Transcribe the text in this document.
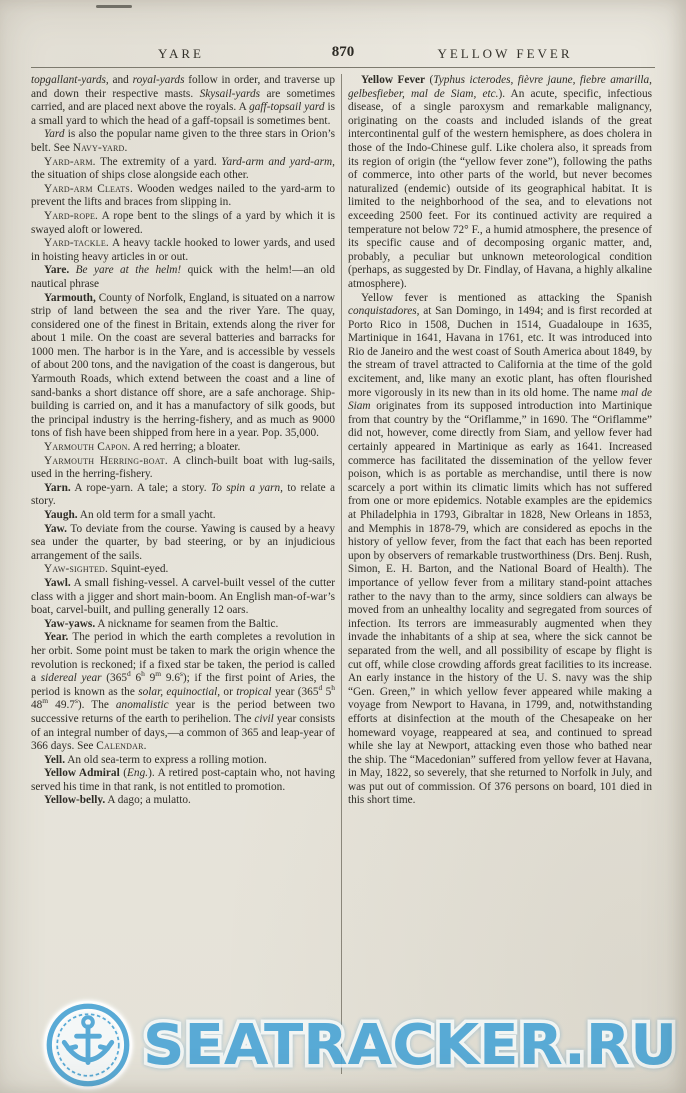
YARE	870	YELLOW FEVER

topgallant-yards, and royal-yards follow in order, and traverse up and down their respective masts. Skysail-yards are sometimes carried, and are placed next above the royals. A gaff-topsail yard is a small yard to which the head of a gaff-topsail is sometimes bent.

Yard is also the popular name given to the three stars in Orion’s belt. See Navy-yard.

Yard-arm. The extremity of a yard. Yard-arm and yard-arm, the situation of ships close alongside each other.

Yard-arm Cleats. Wooden wedges nailed to the yard-arm to prevent the lifts and braces from slipping in.

Yard-rope. A rope bent to the slings of a yard by which it is swayed aloft or lowered.

Yard-tackle. A heavy tackle hooked to lower yards, and used in hoisting heavy articles in or out.

Yare. Be yare at the helm! quick with the helm!—an old nautical phrase

Yarmouth, County of Norfolk, England, is situated on a narrow strip of land between the sea and the river Yare. The quay, considered one of the finest in Britain, extends along the river for about 1 mile. On the coast are several batteries and barracks for 1000 men. The harbor is in the Yare, and is accessible by vessels of about 200 tons, and the navigation of the coast is dangerous, but Yarmouth Roads, which extend between the coast and a line of sand-banks a short distance off shore, are a safe anchorage. Ship-building is carried on, and it has a manufactory of silk goods, but the principal industry is the herring-fishery, and as much as 9000 tons of fish have been shipped from here in a year. Pop. 35,000.

Yarmouth Capon. A red herring; a bloater.

Yarmouth Herring-boat. A clinch-built boat with lug-sails, used in the herring-fishery.

Yarn. A rope-yarn. A tale; a story. To spin a yarn, to relate a story.

Yaugh. An old term for a small yacht.

Yaw. To deviate from the course. Yawing is caused by a heavy sea under the quarter, by bad steering, or by an injudicious arrangement of the sails.

Yaw-sighted. Squint-eyed.

Yawl. A small fishing-vessel. A carvel-built vessel of the cutter class with a jigger and short main-boom. An English man-of-war’s boat, carvel-built, and pulling generally 12 oars.

Yaw-yaws. A nickname for seamen from the Baltic.

Year. The period in which the earth completes a revolution in her orbit. Some point must be taken to mark the origin whence the revolution is reckoned; if a fixed star be taken, the period is called a sidereal year (365$^d$ 6$^h$ 9$^m$ 9.6$^s$); if the first point of Aries, the period is known as the solar, equinoctial, or tropical year (365$^d$ 5$^h$ 48$^m$ 49.7$^s$). The anomalistic year is the period between two successive returns of the earth to perihelion. The civil year consists of an integral number of days,—a common of 365 and leap-year of 366 days. See Calendar.

Yell. An old sea-term to express a rolling motion.

Yellow Admiral (Eng.). A retired post-captain who, not having served his time in that rank, is not entitled to promotion.

Yellow-belly. A dago; a mulatto.

Yellow Fever (Typhus icterodes, fièvre jaune, fiebre amarilla, gelbesfieber, mal de Siam, etc.). An acute, specific, infectious disease, of a single paroxysm and remarkable malignancy, originating on the coasts and included islands of the great intercontinental gulf of the western hemisphere, as does cholera in those of the Indo-Chinese gulf. Like cholera also, it spreads from its region of origin (the “yellow fever zone”), following the paths of commerce, into other parts of the world, but never becomes naturalized (endemic) outside of its geographical habitat. It is limited to the neighborhood of the sea, and to elevations not exceeding 2500 feet. For its continued activity are required a temperature not below 72° F., a humid atmosphere, the presence of its specific cause and of decomposing organic matter, and, probably, a peculiar but unknown meteorological condition (perhaps, as suggested by Dr. Findlay, of Havana, a highly alkaline atmosphere).

Yellow fever is mentioned as attacking the Spanish conquistadores, at San Domingo, in 1494; and is first recorded at Porto Rico in 1508, Duchen in 1514, Guadaloupe in 1635, Martinique in 1641, Havana in 1761, etc. It was introduced into Rio de Janeiro and the west coast of South America about 1849, by the stream of travel attracted to California at the time of the gold excitement, and, like many an exotic plant, has often flourished more vigorously in its new than in its old home. The name mal de Siam originates from its supposed introduction into Martinique from that country by the “Oriflamme,” in 1690. The “Oriflamme” did not, however, come directly from Siam, and yellow fever had certainly appeared in Martinique as early as 1641. Increased commerce has facilitated the dissemination of the yellow fever poison, which is as portable as merchandise, until there is now scarcely a port within its climatic limits which has not suffered from one or more epidemics. Notable examples are the epidemics at Philadelphia in 1793, Gibraltar in 1828, New Orleans in 1853, and Memphis in 1878-79, which are considered as epochs in the history of yellow fever, from the fact that each has been reported upon by observers of remarkable trustworthiness (Drs. Benj. Rush, Simon, E. H. Barton, and the National Board of Health). The importance of yellow fever from a military stand-point attaches rather to the navy than to the army, since soldiers can always be moved from an unhealthy locality and segregated from sources of infection. Its terrors are immeasurably augmented when they invade the inhabitants of a ship at sea, where the sick cannot be separated from the well, and all possibility of escape by flight is cut off, while close crowding affords great facilities to its increase. An early instance in the history of the U. S. navy was the ship “Gen. Green,” in which yellow fever appeared while making a voyage from Newport to Havana, in 1799, and, notwithstanding efforts at disinfection at the mouth of the Chesapeake on her homeward voyage, reappeared at sea, and continued to spread while she lay at Newport, attacking even those who bathed near the ship. The “Macedonian” suffered from yellow fever at Havana, in May, 1822, so severely, that she returned to Norfolk in July, and was put out of commission. Of 376 persons on board, 101 died in this short time.

SEATRACKER.RU
